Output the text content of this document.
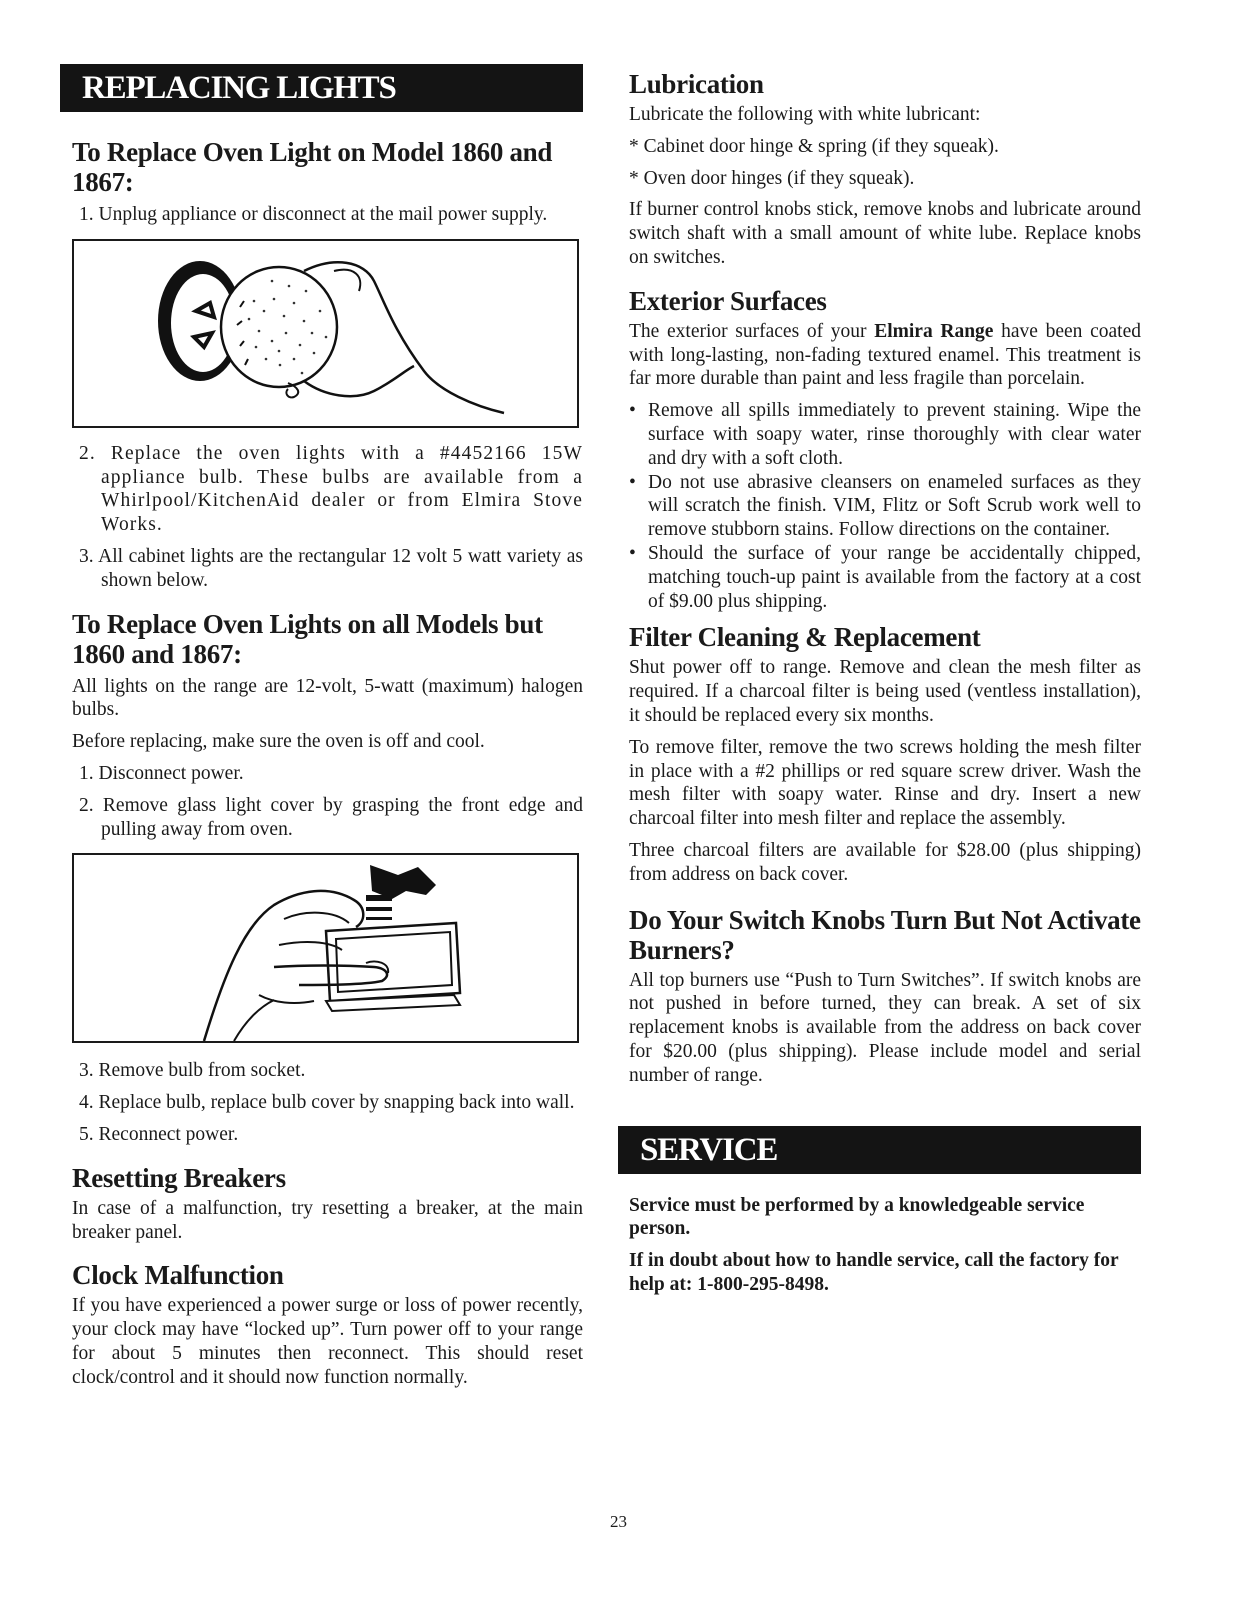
REPLACING LIGHTS
To Replace Oven Light on Model 1860 and 1867:
1. Unplug appliance or disconnect at the mail power supply.
2. Replace the oven lights with a #4452166 15W appliance bulb. These bulbs are available from a Whirlpool/KitchenAid dealer or from Elmira Stove Works.
3. All cabinet lights are the rectangular 12 volt 5 watt variety as shown below.
To Replace Oven Lights on all Models but 1860 and 1867:

All lights on the range are 12-volt, 5-watt (maximum) halogen bulbs.

Before replacing, make sure the oven is off and cool.

1. Disconnect power.
2. Remove glass light cover by grasping the front edge and pulling away from oven.
3. Remove bulb from socket.
4. Replace bulb, replace bulb cover by snapping back into wall.
5. Reconnect power.
Resetting Breakers

In case of a malfunction, try resetting a breaker, at the main breaker panel.

Clock Malfunction

If you have experienced a power surge or loss of power recently, your clock may have “locked up”. Turn power off to your range for about 5 minutes then reconnect. This should reset clock/control and it should now function normally.

Lubrication

Lubricate the following with white lubricant:

* Cabinet door hinge & spring (if they squeak).

* Oven door hinges (if they squeak).

If burner control knobs stick, remove knobs and lubricate around switch shaft with a small amount of white lube. Replace knobs on switches.

Exterior Surfaces

The exterior surfaces of your Elmira Range have been coated with long-lasting, non-fading textured enamel. This treatment is far more durable than paint and less fragile than porcelain.

• Remove all spills immediately to prevent staining. Wipe the surface with soapy water, rinse thoroughly with clear water and dry with a soft cloth.
• Do not use abrasive cleansers on enameled surfaces as they will scratch the finish. VIM, Flitz or Soft Scrub work well to remove stubborn stains. Follow directions on the container.
• Should the surface of your range be accidentally chipped, matching touch-up paint is available from the factory at a cost of $9.00 plus shipping.
Filter Cleaning & Replacement

Shut power off to range. Remove and clean the mesh filter as required. If a charcoal filter is being used (ventless installation), it should be replaced every six months.

To remove filter, remove the two screws holding the mesh filter in place with a #2 phillips or red square screw driver. Wash the mesh filter with soapy water. Rinse and dry. Insert a new charcoal filter into mesh filter and replace the assembly.

Three charcoal filters are available for $28.00 (plus shipping) from address on back cover.

Do Your Switch Knobs Turn But Not Activate Burners?

All top burners use “Push to Turn Switches”. If switch knobs are not pushed in before turned, they can break. A set of six replacement knobs is available from the address on back cover for $20.00 (plus shipping). Please include model and serial number of range.

SERVICE

Service must be performed by a knowledgeable service person.

If in doubt about how to handle service, call the factory for help at: 1-800-295-8498.

23
